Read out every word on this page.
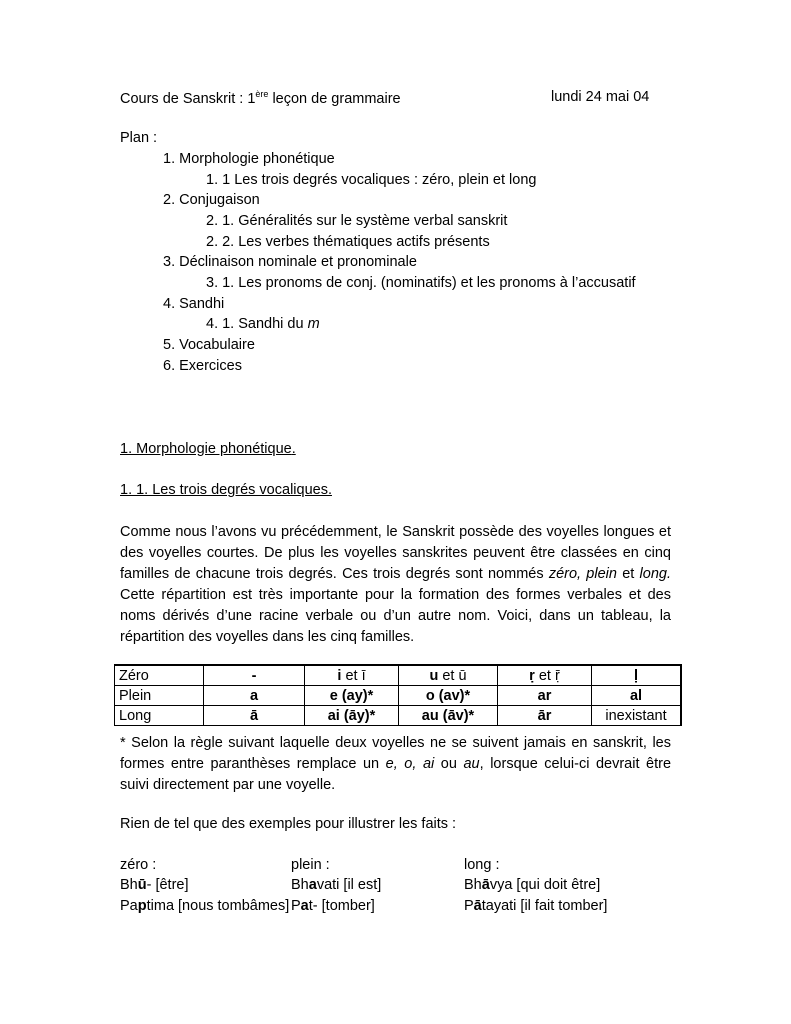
Cours de Sanskrit : 1ère leçon de grammaire	lundi 24 mai 04
Plan :
1. Morphologie phonétique
1. 1 Les trois degrés vocaliques : zéro, plein et long
2. Conjugaison
2. 1. Généralités sur le système verbal sanskrit
2. 2. Les verbes thématiques actifs présents
3. Déclinaison nominale et pronominale
3. 1. Les pronoms de conj. (nominatifs) et les pronoms à l’accusatif
4. Sandhi
4. 1. Sandhi du m
5. Vocabulaire
6. Exercices
1. Morphologie phonétique.
1. 1. Les trois degrés vocaliques.

Comme nous l’avons vu précédemment, le Sanskrit possède des voyelles longues et des voyelles courtes. De plus les voyelles sanskrites peuvent être classées en cinq familles de chacune trois degrés. Ces trois degrés sont nommés zéro, plein et long. Cette répartition est très importante pour la formation des formes verbales et des noms dérivés d’une racine verbale ou d’un autre nom. Voici, dans un tableau, la répartition des voyelles dans les cinq familles.

Zéro	-	i et ī	u et ū	ṛ et ṝ	ḷ
Plein	a	e (ay)*	o (av)*	ar	al
Long	ā	ai (āy)*	au (āv)*	ār	inexistant

* Selon la règle suivant laquelle deux voyelles ne se suivent jamais en sanskrit, les formes entre paranthèses remplace un e, o, ai ou au, lorsque celui-ci devrait être suivi directement par une voyelle.

Rien de tel que des exemples pour illustrer les faits :
zéro :	plein :	long :
Bhū- [être]	Bhavati [il est]	Bhāvya [qui doit être]
Paptima [nous tombâmes] Pat- [tomber]	Pātayati [il fait tomber]
